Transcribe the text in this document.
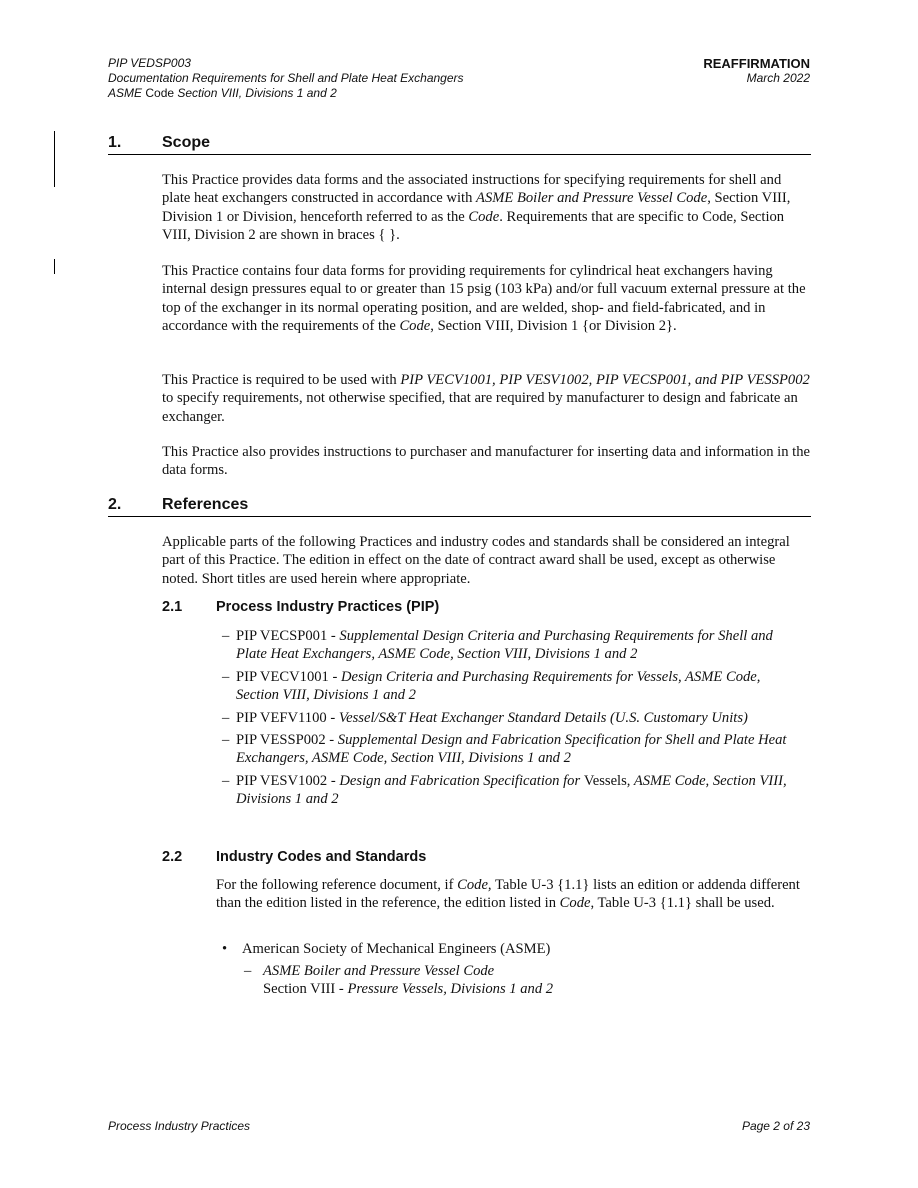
PIP VEDSP003
Documentation Requirements for Shell and Plate Heat Exchangers
ASME Code Section VIII, Divisions 1 and 2
REAFFIRMATION
March 2022
1.	Scope
This Practice provides data forms and the associated instructions for specifying requirements for shell and plate heat exchangers constructed in accordance with ASME Boiler and Pressure Vessel Code, Section VIII, Division 1 or Division, henceforth referred to as the Code. Requirements that are specific to Code, Section VIII, Division 2 are shown in braces { }.
This Practice contains four data forms for providing requirements for cylindrical heat exchangers having internal design pressures equal to or greater than 15 psig (103 kPa) and/or full vacuum external pressure at the top of the exchanger in its normal operating position, and are welded, shop- and field-fabricated, and in accordance with the requirements of the Code, Section VIII, Division 1 {or Division 2}.
This Practice is required to be used with PIP VECV1001, PIP VESV1002, PIP VECSP001, and PIP VESSP002 to specify requirements, not otherwise specified, that are required by manufacturer to design and fabricate an exchanger.
This Practice also provides instructions to purchaser and manufacturer for inserting data and information in the data forms.
2.	References
Applicable parts of the following Practices and industry codes and standards shall be considered an integral part of this Practice. The edition in effect on the date of contract award shall be used, except as otherwise noted. Short titles are used herein where appropriate.
2.1 Process Industry Practices (PIP)
– PIP VECSP001 - Supplemental Design Criteria and Purchasing Requirements for Shell and Plate Heat Exchangers, ASME Code, Section VIII, Divisions 1 and 2
– PIP VECV1001 - Design Criteria and Purchasing Requirements for Vessels, ASME Code, Section VIII, Divisions 1 and 2
– PIP VEFV1100 - Vessel/S&T Heat Exchanger Standard Details (U.S. Customary Units)
– PIP VESSP002 - Supplemental Design and Fabrication Specification for Shell and Plate Heat Exchangers, ASME Code, Section VIII, Divisions 1 and 2
– PIP VESV1002 - Design and Fabrication Specification for Vessels, ASME Code, Section VIII, Divisions 1 and 2
2.2 Industry Codes and Standards
For the following reference document, if Code, Table U-3 {1.1} lists an edition or addenda different than the edition listed in the reference, the edition listed in Code, Table U-3 {1.1} shall be used.
• American Society of Mechanical Engineers (ASME)
– ASME Boiler and Pressure Vessel Code
Section VIII - Pressure Vessels, Divisions 1 and 2
Process Industry Practices	Page 2 of 23
